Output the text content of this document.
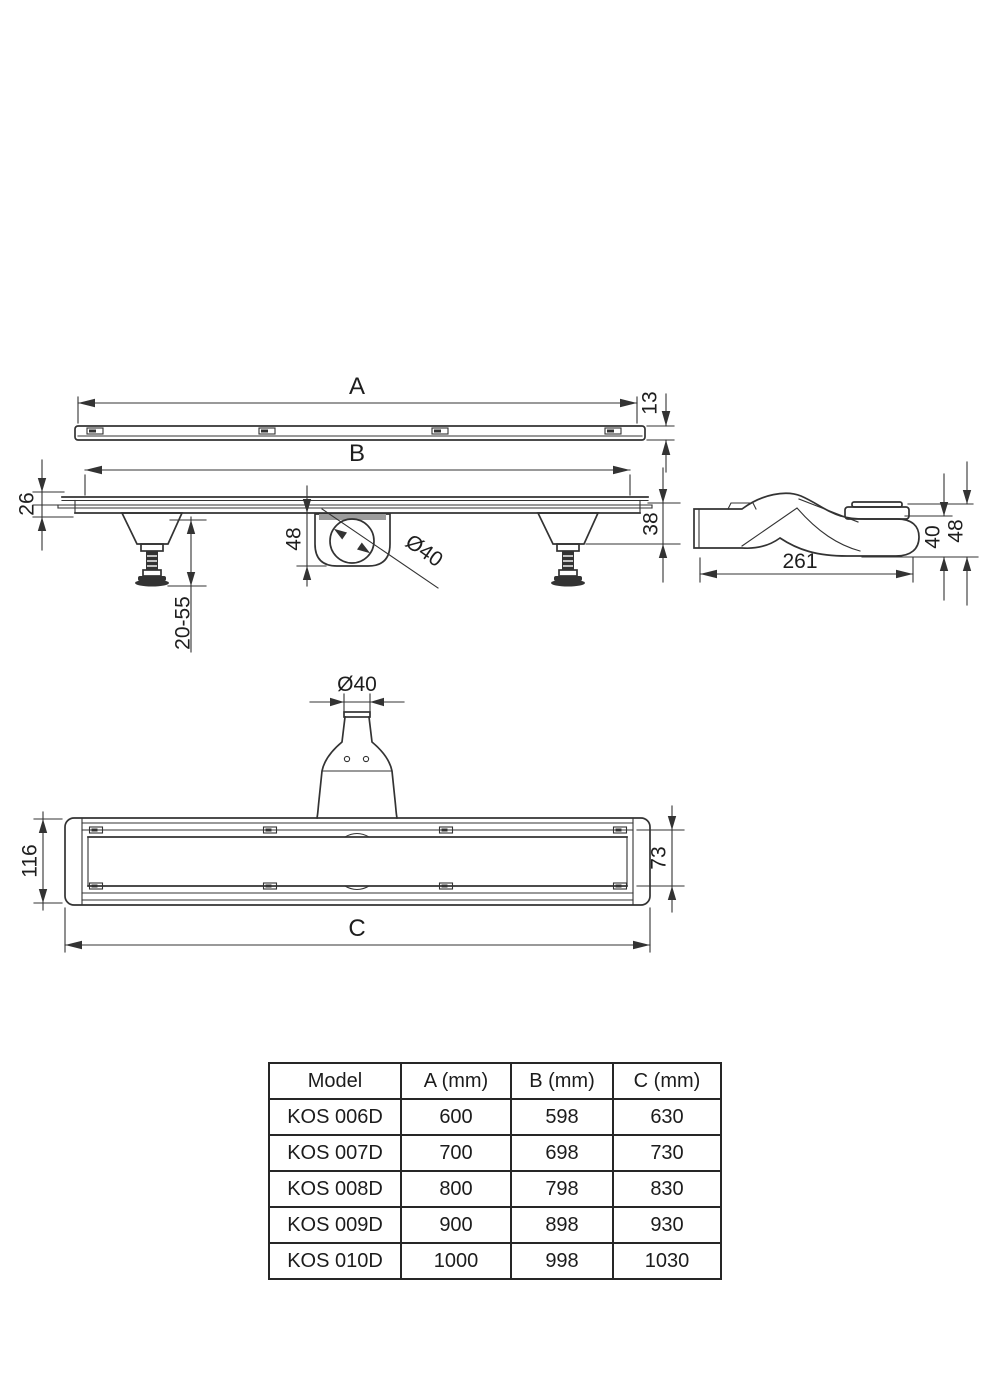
A
13
B
Ø40
48
26
20-55
38
261
40 48
Ø40
116	73
C
Model	A (mm)	B (mm)	C (mm)
KOS 006D	600	598	630
KOS 007D	700	698	730
KOS 008D	800	798	830
KOS 009D	900	898	930
KOS 010D	1000	998	1030
